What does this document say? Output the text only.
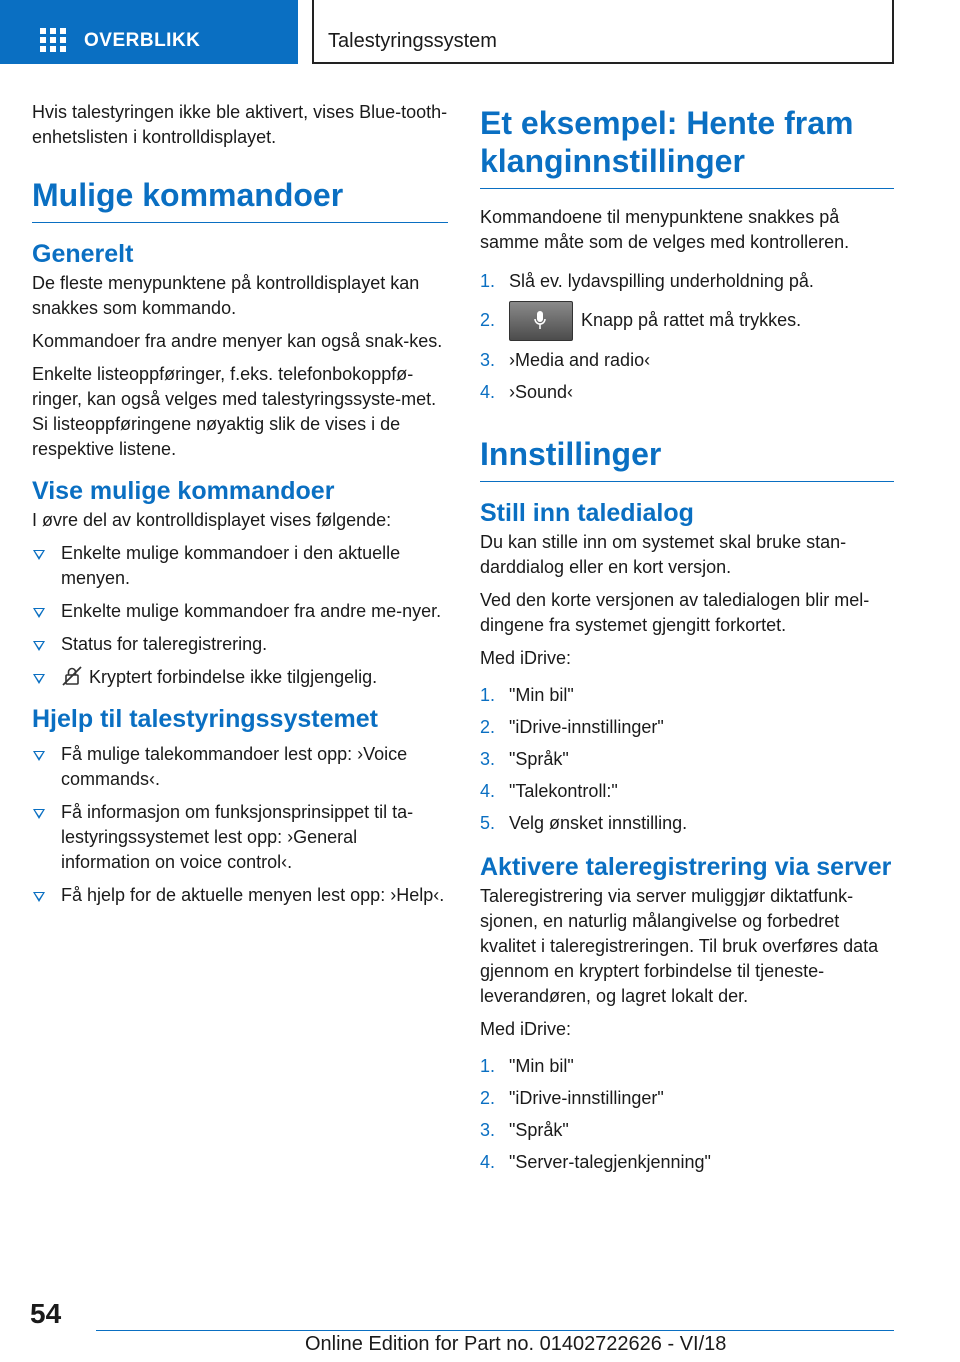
OVERBLIKK	Talestyringssystem

Hvis talestyringen ikke ble aktivert, vises Blue‐tooth-enhetslisten i kontrolldisplayet.

Mulige kommandoer
Generelt

De fleste menypunktene på kontrolldisplayet kan snakkes som kommando.

Kommandoer fra andre menyer kan også snak‐kes.

Enkelte listeoppføringer, f.eks. telefonbokoppfø‐ringer, kan også velges med talestyringssyste‐met. Si listeoppføringene nøyaktig slik de vises i de respektive listene.

Vise mulige kommandoer

I øvre del av kontrolldisplayet vises følgende:

Enkelte mulige kommandoer i den aktuelle menyen.
Enkelte mulige kommandoer fra andre me‐nyer.
Status for taleregistrering.
Kryptert forbindelse ikke tilgjengelig.
Hjelp til talestyringssystemet
Få mulige talekommandoer lest opp: ›Voice commands‹.
Få informasjon om funksjonsprinsippet til ta‐lestyringssystemet lest opp: ›General information on voice control‹.
Få hjelp for de aktuelle menyen lest opp: ›Help‹.
Et eksempel: Hente fram klanginnstillinger

Kommandoene til menypunktene snakkes på samme måte som de velges med kontrolleren.

1. Slå ev. lydavspilling underholdning på.
2.	Knapp på rattet må trykkes.
3. ›Media and radio‹
4. ›Sound‹
Innstillinger
Still inn taledialog

Du kan stille inn om systemet skal bruke stan‐darddialog eller en kort versjon.

Ved den korte versjonen av taledialogen blir mel‐dingene fra systemet gjengitt forkortet.

Med iDrive:

1. "Min bil"
2. "iDrive-innstillinger"
3. "Språk"
4. "Talekontroll:"
5. Velg ønsket innstilling.
Aktivere taleregistrering via server

Taleregistrering via server muliggjør diktatfunk‐sjonen, en naturlig målangivelse og forbedret kvalitet i taleregistreringen. Til bruk overføres data gjennom en kryptert forbindelse til tjeneste‐leverandøren, og lagret lokalt der.

Med iDrive:

1. "Min bil"
2. "iDrive-innstillinger"
3. "Språk"
4. "Server-talegjenkjenning"
54
Online Edition for Part no. 01402722626 - VI/18
